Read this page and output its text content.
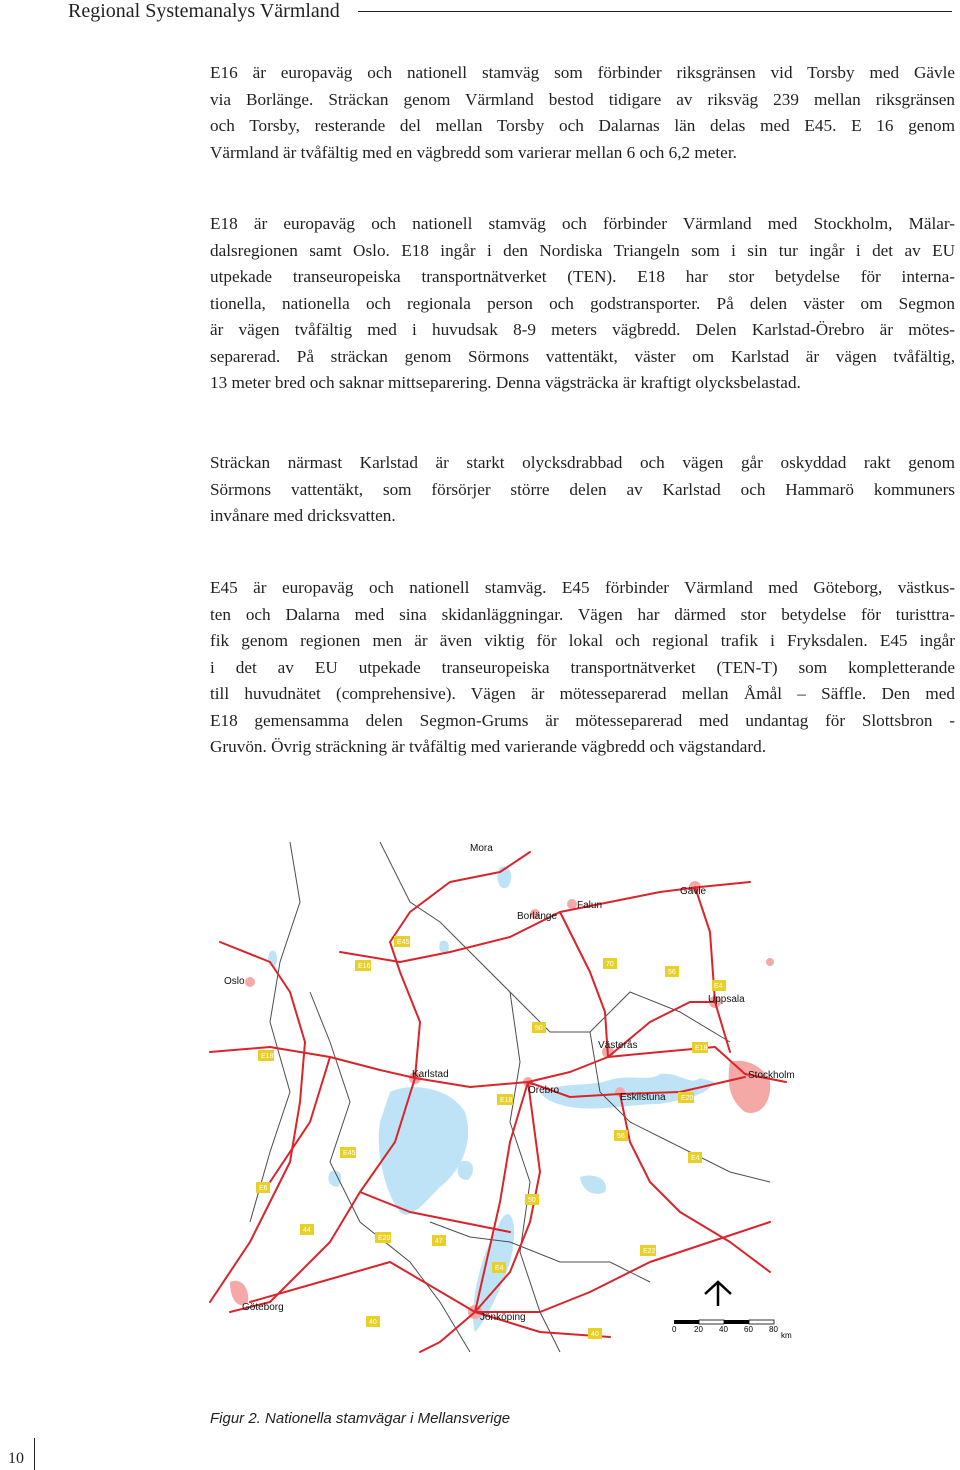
Regional Systemanalys Värmland
E16 är europaväg och nationell stamväg som förbinder riksgränsen vid Torsby med Gävle
via Borlänge. Sträckan genom Värmland bestod tidigare av riksväg 239 mellan riksgränsen
och Torsby, resterande del mellan Torsby och Dalarnas län delas med E45. E 16 genom
Värmland är tvåfältig med en vägbredd som varierar mellan 6 och 6,2 meter.
E18 är europaväg och nationell stamväg och förbinder Värmland med Stockholm, Mälar-
dalsregionen samt Oslo. E18 ingår i den Nordiska Triangeln som i sin tur ingår i det av EU
utpekade transeuropeiska transportnätverket (TEN). E18 har stor betydelse för interna-
tionella, nationella och regionala person och godstransporter. På delen väster om Segmon
är vägen tvåfältig med i huvudsak 8-9 meters vägbredd. Delen Karlstad-Örebro är mötes-
separerad. På sträckan genom Sörmons vattentäkt, väster om Karlstad är vägen tvåfältig,
13 meter bred och saknar mittseparering. Denna vägsträcka är kraftigt olycksbelastad.
Sträckan närmast Karlstad är starkt olycksdrabbad och vägen går oskyddad rakt genom
Sörmons vattentäkt, som försörjer större delen av Karlstad och Hammarö kommuners
invånare med dricksvatten.
E45 är europaväg och nationell stamväg. E45 förbinder Värmland med Göteborg, västkus-
ten och Dalarna med sina skidanläggningar. Vägen har därmed stor betydelse för turisttra-
fik genom regionen men är även viktig för lokal och regional trafik i Fryksdalen. E45 ingår
i det av EU utpekade transeuropeiska transportnätverket (TEN-T) som kompletterande
till huvudnätet (comprehensive). Vägen är mötesseparerad mellan Åmål – Säffle. Den med
E18 gemensamma delen Segmon-Grums är mötesseparerad med undantag för Slottsbron -
Gruvön. Övrig sträckning är tvåfältig med varierande vägbredd och vägstandard.
0 20 40 60 80
km
E45
E16	70
56
E4
50
E18
E18
E18	E20
56
E45
E4
E6
50
44
E20	47
E22
E4
40
40
Mora
Gävle
Falun
Borlänge
Oslo
Uppsala
Västerås
Karlstad
Örebro
Stockholm
Eskilstuna
Göteborg
Jönköping
Figur 2. Nationella stamvägar i Mellansverige
10
